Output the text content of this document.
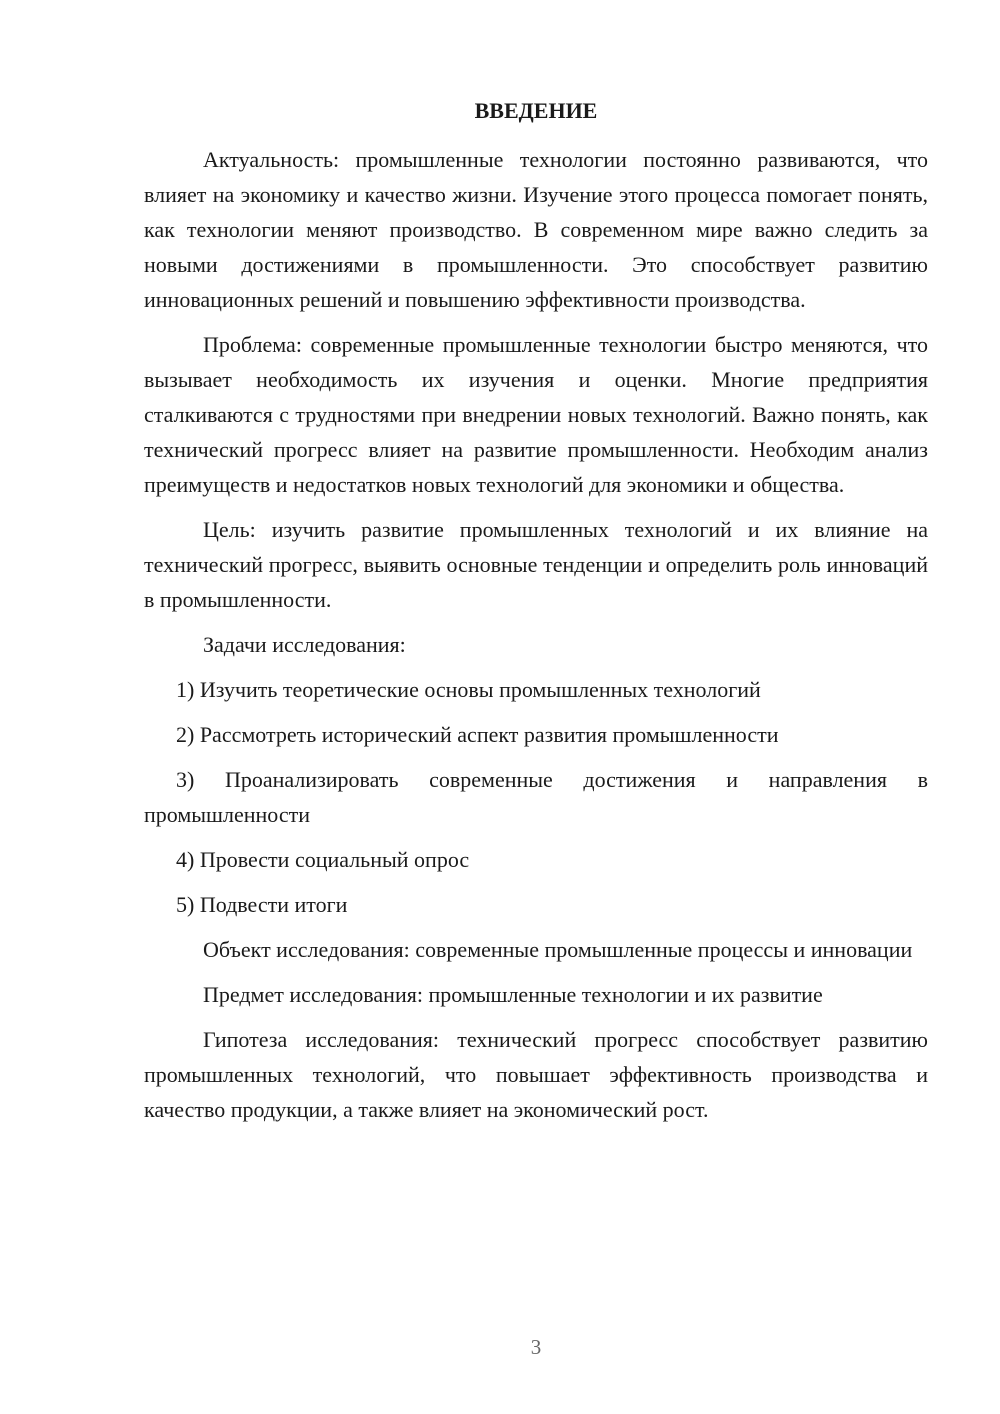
ВВЕДЕНИЕ

Актуальность: промышленные технологии постоянно развиваются, что влияет на экономику и качество жизни. Изучение этого процесса помогает понять, как технологии меняют производство. В современном мире важно следить за новыми достижениями в промышленности. Это способствует развитию инновационных решений и повышению эффективности производства.

Проблема: современные промышленные технологии быстро меняются, что вызывает необходимость их изучения и оценки. Многие предприятия сталкиваются с трудностями при внедрении новых технологий. Важно понять, как технический прогресс влияет на развитие промышленности. Необходим анализ преимуществ и недостатков новых технологий для экономики и общества.

Цель: изучить развитие промышленных технологий и их влияние на технический прогресс, выявить основные тенденции и определить роль инноваций в промышленности.

Задачи исследования:

1) Изучить теоретические основы промышленных технологий

2) Рассмотреть исторический аспект развития промышленности

3) Проанализировать современные достижения и направления в промышленности

4) Провести социальный опрос

5) Подвести итоги

Объект исследования: современные промышленные процессы и инновации

Предмет исследования: промышленные технологии и их развитие

Гипотеза исследования: технический прогресс способствует развитию промышленных технологий, что повышает эффективность производства и качество продукции, а также влияет на экономический рост.

3
